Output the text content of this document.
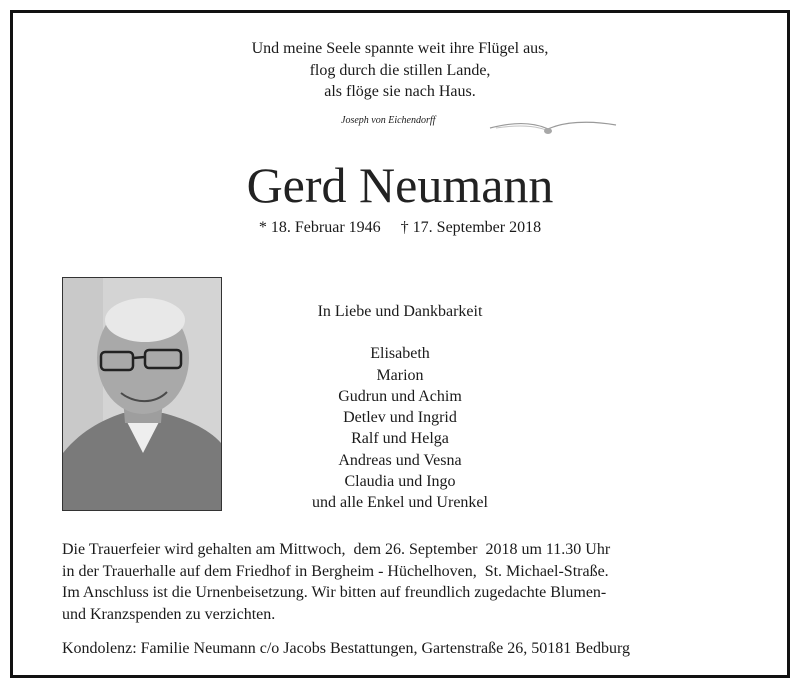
Und meine Seele spannte weit ihre Flügel aus,
flog durch die stillen Lande,
als flöge sie nach Haus.
Joseph von Eichendorff
Gerd Neumann
* 18. Februar 1946 † 17. September 2018
In Liebe und Dankbarkeit
Elisabeth
Marion
Gudrun und Achim
Detlev und Ingrid
Ralf und Helga
Andreas und Vesna
Claudia und Ingo
und alle Enkel und Urenkel
Die Trauerfeier wird gehalten am Mittwoch,  dem 26. September  2018 um 11.30 Uhr
in der Trauerhalle auf dem Friedhof in Bergheim - Hüchelhoven,  St. Michael-Straße.
Im Anschluss ist die Urnenbeisetzung. Wir bitten auf freundlich zugedachte Blumen-
und Kranzspenden zu verzichten.
Kondolenz: Familie Neumann c/o Jacobs Bestattungen, Gartenstraße 26, 50181 Bedburg
